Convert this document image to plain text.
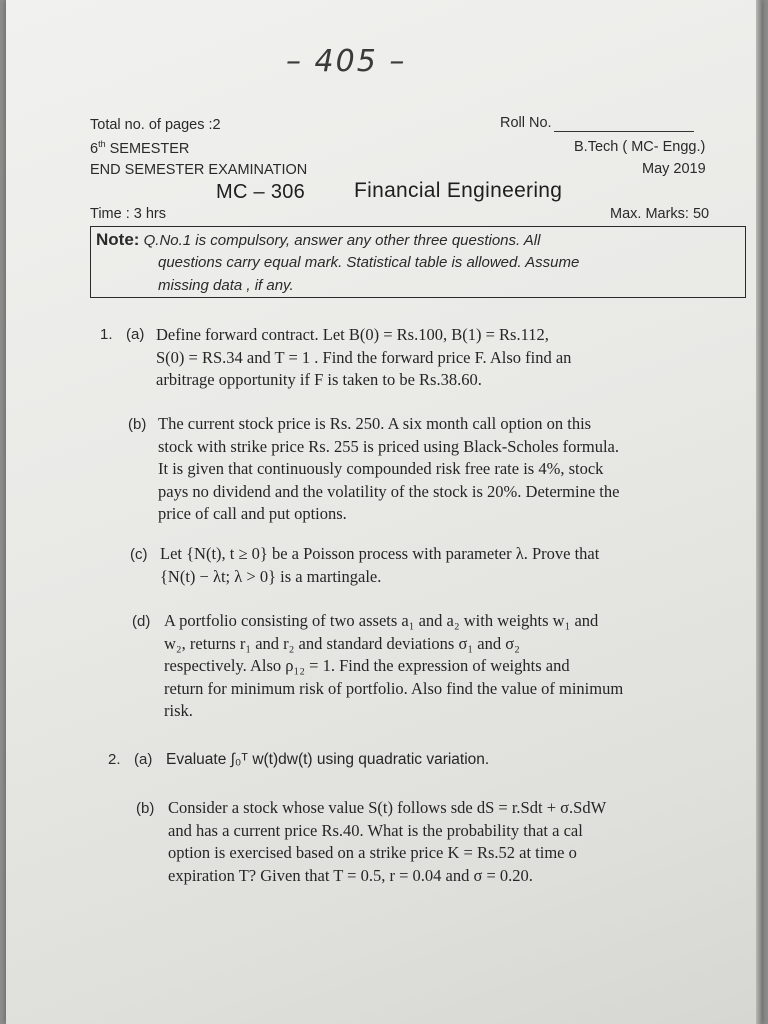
– 405 –
Total no. of pages :2	Roll No.
6th SEMESTER	B.Tech ( MC- Engg.)
END SEMESTER EXAMINATION	May 2019
MC – 306 Financial Engineering
Time : 3 hrs	Max. Marks: 50
Note: Q.No.1 is compulsory, answer any other three questions. All
questions carry equal mark. Statistical table is allowed. Assume
missing data , if any.
1. (a) Define forward contract. Let B(0) = Rs.100, B(1) = Rs.112,
S(0) = RS.34 and T = 1 . Find the forward price F. Also find an
arbitrage opportunity if F is taken to be Rs.38.60.
(b) The current stock price is Rs. 250. A six month call option on this
stock with strike price Rs. 255 is priced using Black-Scholes formula.
It is given that continuously compounded risk free rate is 4%, stock
pays no dividend and the volatility of the stock is 20%. Determine the
price of call and put options.
(c) Let {N(t), t ≥ 0} be a Poisson process with parameter λ. Prove that
{N(t) − λt; λ > 0} is a martingale.
(d) A portfolio consisting of two assets a₁ and a₂ with weights w₁ and
w₂, returns r₁ and r₂ and standard deviations σ₁ and σ₂
respectively. Also ρ₁₂ = 1. Find the expression of weights and
return for minimum risk of portfolio. Also find the value of minimum
risk.
2. (a) Evaluate ∫₀ᵀ w(t)dw(t) using quadratic variation.
(b) Consider a stock whose value S(t) follows sde dS = r.Sdt + σ.SdW
and has a current price Rs.40. What is the probability that a cal
option is exercised based on a strike price K = Rs.52 at time o
expiration T? Given that T = 0.5, r = 0.04 and σ = 0.20.
